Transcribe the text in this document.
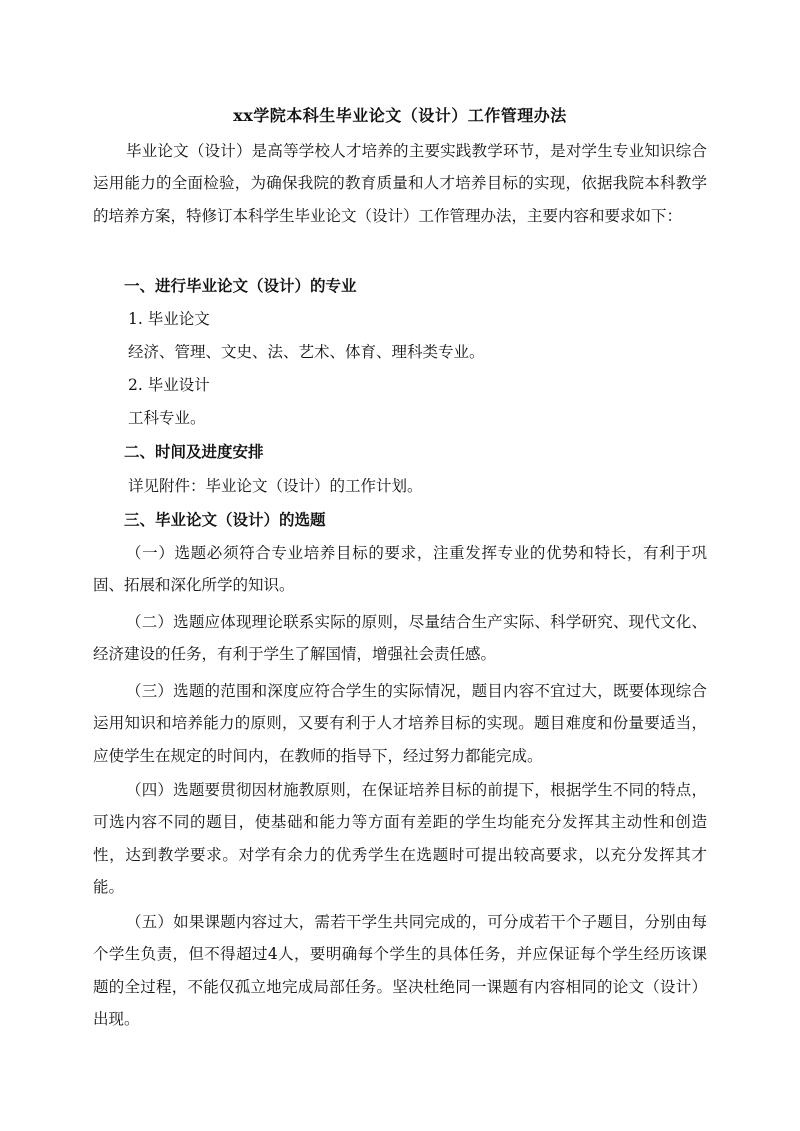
xx学院本科生毕业论文（设计）工作管理办法
毕业论文（设计）是高等学校人才培养的主要实践教学环节，是对学生专业知识综合运用能力的全面检验，为确保我院的教育质量和人才培养目标的实现，依据我院本科教学的培养方案，特修订本科学生毕业论文（设计）工作管理办法，主要内容和要求如下：
一、进行毕业论文（设计）的专业
1. 毕业论文
经济、管理、文史、法、艺术、体育、理科类专业。
2. 毕业设计
工科专业。
二、时间及进度安排
详见附件：毕业论文（设计）的工作计划。
三、毕业论文（设计）的选题
（一）选题必须符合专业培养目标的要求，注重发挥专业的优势和特长，有利于巩固、拓展和深化所学的知识。
（二）选题应体现理论联系实际的原则，尽量结合生产实际、科学研究、现代文化、经济建设的任务，有利于学生了解国情，增强社会责任感。
（三）选题的范围和深度应符合学生的实际情况，题目内容不宜过大，既要体现综合运用知识和培养能力的原则，又要有利于人才培养目标的实现。题目难度和份量要适当，应使学生在规定的时间内，在教师的指导下，经过努力都能完成。
（四）选题要贯彻因材施教原则，在保证培养目标的前提下，根据学生不同的特点，可选内容不同的题目，使基础和能力等方面有差距的学生均能充分发挥其主动性和创造性，达到教学要求。对学有余力的优秀学生在选题时可提出较高要求，以充分发挥其才能。
（五）如果课题内容过大，需若干学生共同完成的，可分成若干个子题目，分别由每个学生负责，但不得超过4人，要明确每个学生的具体任务，并应保证每个学生经历该课题的全过程，不能仅孤立地完成局部任务。坚决杜绝同一课题有内容相同的论文（设计）出现。
